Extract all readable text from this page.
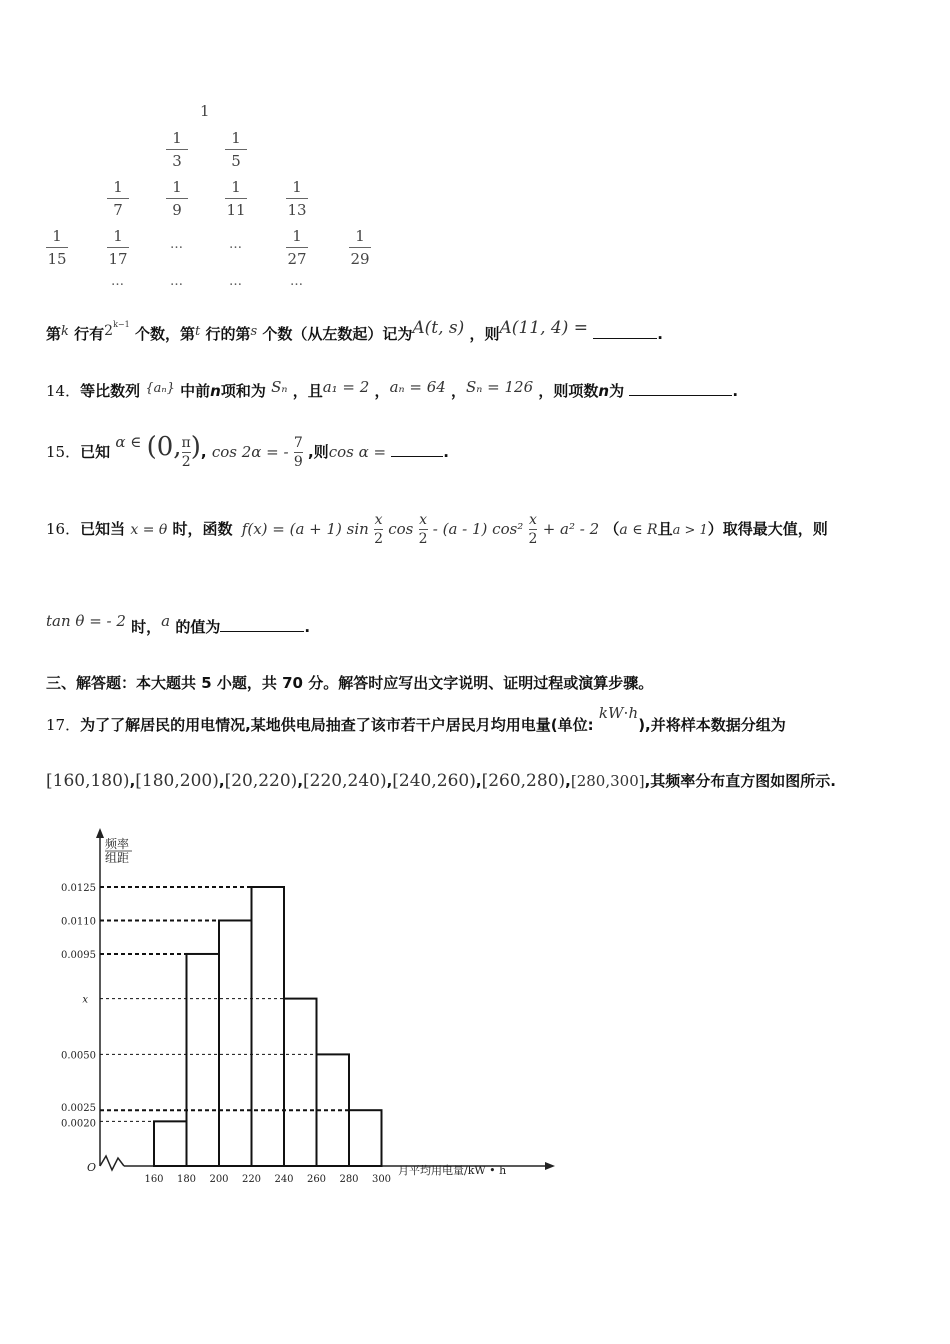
1
1
3
1
5
1
7
1
9
1
11
1
13
1
15
1
17
…	…	1
27
1
29
…	…	…	…
第k 行有$2^{k-1}$ 个数，第t 行的第s 个数（从左数起）记为A(t, s) ，则A(11, 4) =	.
14．等比数列 {aₙ} 中前n项和为 Sₙ ，且a₁ = 2 ，aₙ = 64 ，Sₙ = 126 ，则项数n为	.
15．已知 α ∈ $(0,\frac{\pi}{2})$, cos 2α = - $\frac{7}{9}$ ,则cos α =	.
16．已知当 x = θ 时，函数 f(x) = (a + 1) $\sin \frac{x}{2}$ $\cos \frac{x}{2} - (a - 1)$ $\cos^2 \frac{x}{2} + a^2 - 2$ （a ∈ R且a > 1）取得最大值，则
tan θ = - 2 时，a 的值为	.
三、解答题：本大题共 5 小题，共 70 分。解答时应写出文字说明、证明过程或演算步骤。
17．为了了解居民的用电情况,某地供电局抽查了该市若干户居民月均用电量(单位: kW⋅h),并将样本数据分组为
[160,180),[180,200),[20,220),[220,240),[240,260),[260,280),[280,300],其频率分布直方图如图所示.
O
频率
组距
月平均用电量/kW • h
0.0125
0.0110
0.0095
x
0.0050
0.0025
0.0020
160 180 200 220 240 260 280 300
